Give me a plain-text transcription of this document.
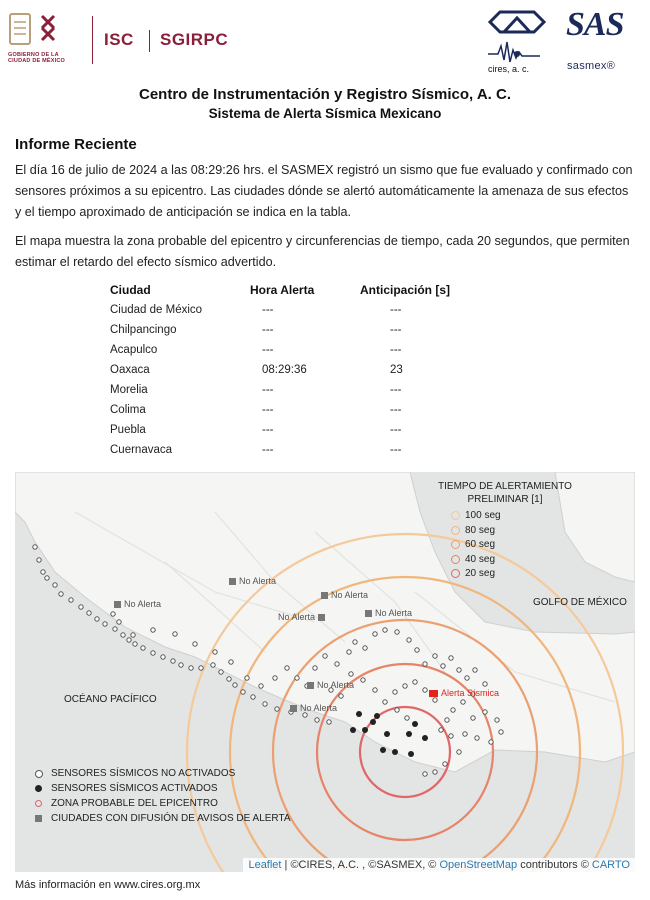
GOBIERNO DE LA
CIUDAD DE MÉXICO
ISC SGIRPC
cires, a. c.
SAS
sasmex®
Centro de Instrumentación y Registro Sísmico, A. C.
Sistema de Alerta Sísmica Mexicano
Informe Reciente
El día 16 de julio de 2024 a las 08:29:26 hrs. el SASMEX registró un sismo que fue evaluado y confirmado con sensores próximos a su epicentro. Las ciudades dónde se alertó automáticamente la amenaza de sus efectos y el tiempo aproximado de anticipación se indica en la tabla.
El mapa muestra la zona probable del epicentro y circunferencias de tiempo, cada 20 segundos, que permiten estimar el retardo del efecto sísmico advertido.
Ciudad	Hora Alerta	Anticipación [s]
Ciudad de México	---	---
Chilpancingo	---	---
Acapulco	---	---
Oaxaca	08:29:36	23
Morelia	---	---
Colima	---	---
Puebla	---	---
Cuernavaca	---	---
TIEMPO DE ALERTAMIENTO
PRELIMINAR [1]
100 seg
80 seg
60 seg
40 seg
20 seg
GOLFO DE MÉXICO
OCÉANO PACÍFICO
No Alerta
No Alerta
No Alerta
No Alerta
No Alerta
No Alerta
No Alerta
Alerta Sísmica
SENSORES SÍSMICOS NO ACTIVADOS
SENSORES SÍSMICOS ACTIVADOS
ZONA PROBABLE DEL EPICENTRO
CIUDADES CON DIFUSIÓN DE AVISOS DE ALERTA
Leaflet | ©CIRES, A.C. , ©SASMEX, © OpenStreetMap contributors © CARTO
Más información en www.cires.org.mx
